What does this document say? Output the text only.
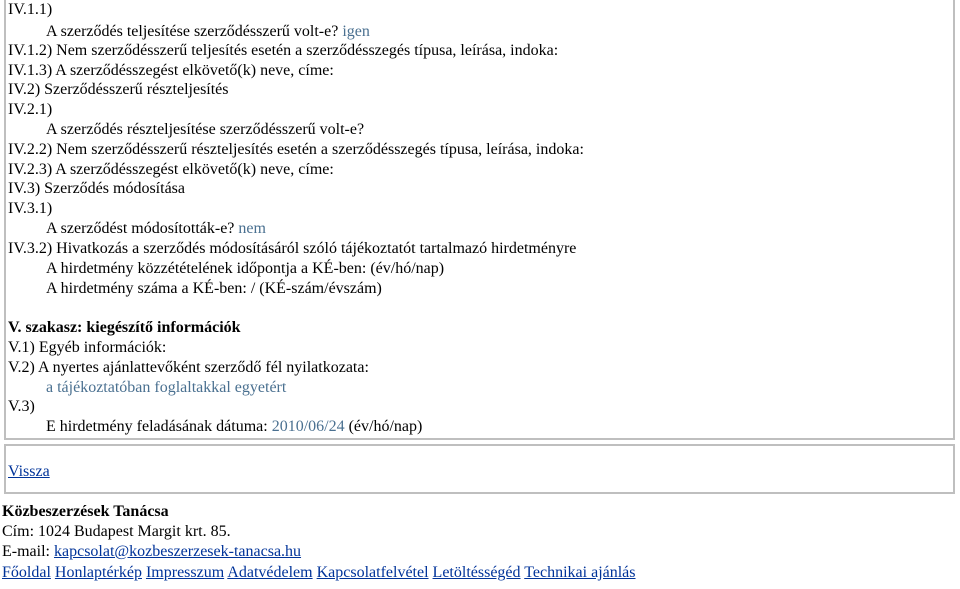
IV.1.1)
A szerződés teljesítése szerződésszerű volt-e? igen
IV.1.2) Nem szerződésszerű teljesítés esetén a szerződésszegés típusa, leírása, indoka:
IV.1.3) A szerződésszegést elkövető(k) neve, címe:
IV.2) Szerződésszerű részteljesítés
IV.2.1)
A szerződés részteljesítése szerződésszerű volt-e?
IV.2.2) Nem szerződésszerű részteljesítés esetén a szerződésszegés típusa, leírása, indoka:
IV.2.3) A szerződésszegést elkövető(k) neve, címe:
IV.3) Szerződés módosítása
IV.3.1)
A szerződést módosították-e? nem
IV.3.2) Hivatkozás a szerződés módosításáról szóló tájékoztatót tartalmazó hirdetményre
A hirdetmény közzétételének időpontja a KÉ-ben: (év/hó/nap)
A hirdetmény száma a KÉ-ben: / (KÉ-szám/évszám)
V. szakasz: kiegészítő információk
V.1) Egyéb információk:
V.2) A nyertes ajánlattevőként szerződő fél nyilatkozata:
a tájékoztatóban foglaltakkal egyetért
V.3)
E hirdetmény feladásának dátuma: 2010/06/24 (év/hó/nap)
Vissza
Közbeszerzések Tanácsa
Cím: 1024 Budapest Margit krt. 85.
E-mail: kapcsolat@kozbeszerzesek-tanacsa.hu
Főoldal Honlaptérkép Impresszum Adatvédelem Kapcsolatfelvétel Letöltésségéd Technikai ajánlás
